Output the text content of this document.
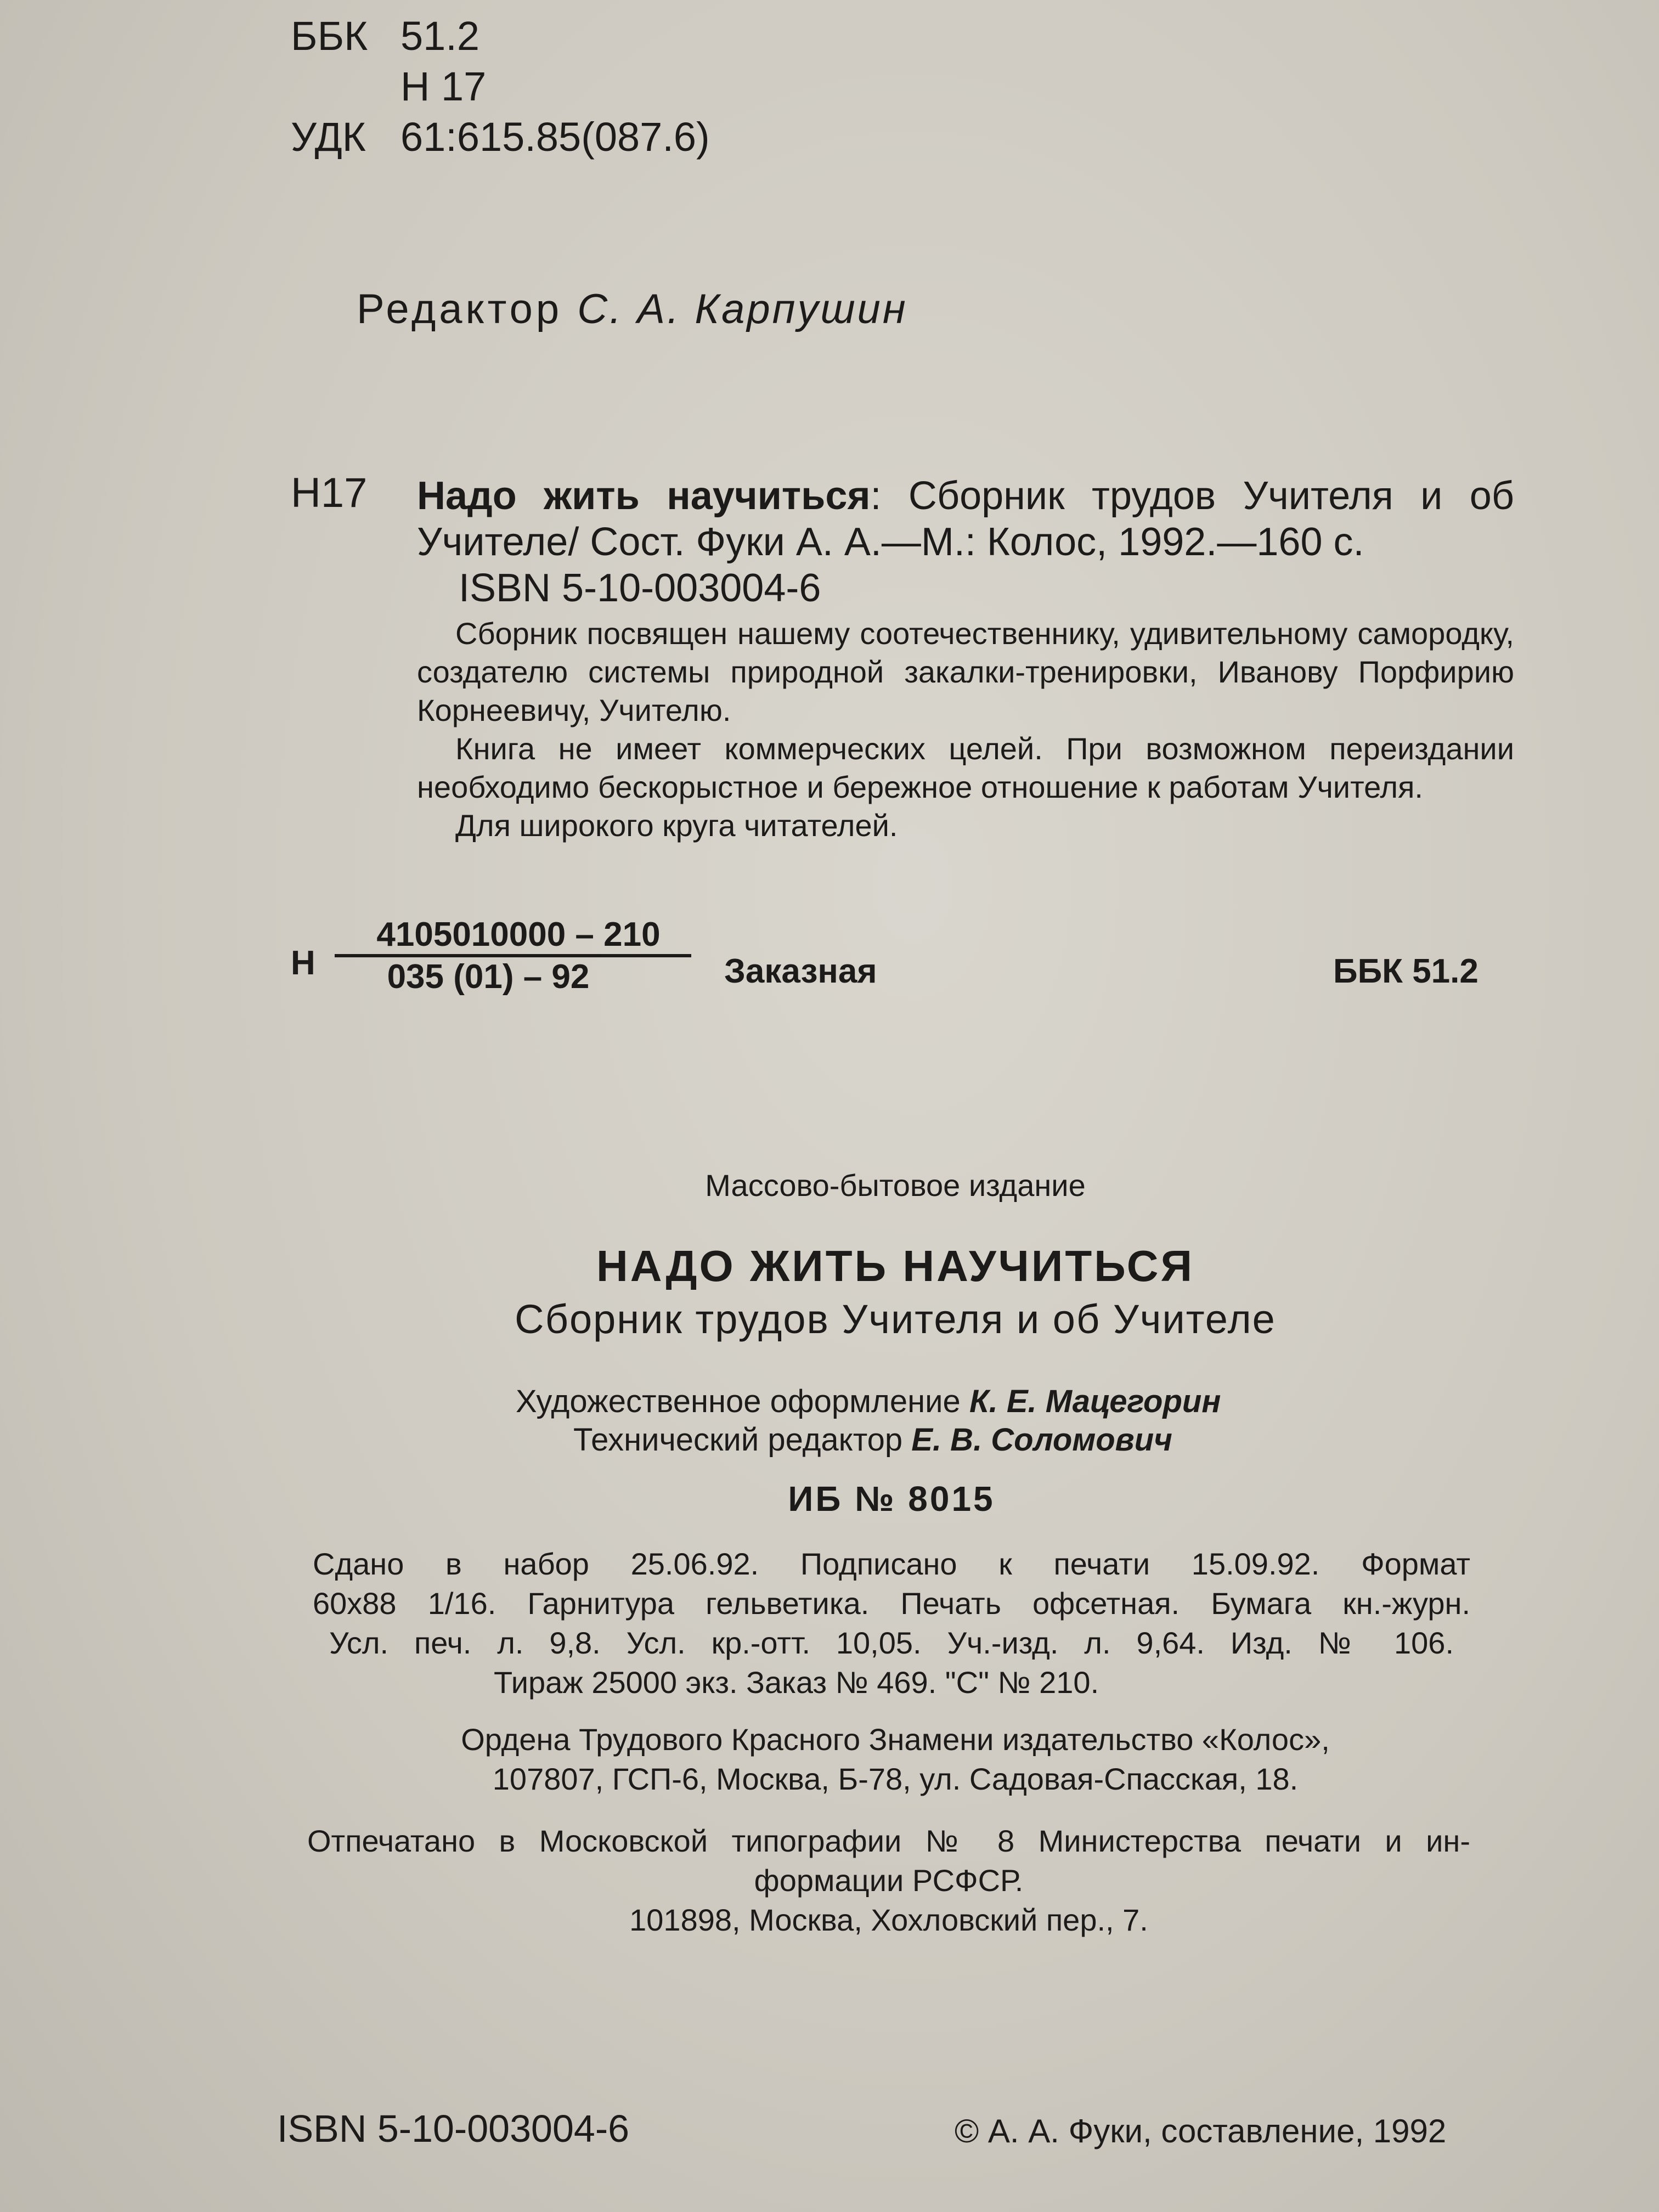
ББК 51.2
Н 17
УДК 61:615.85(087.6)
Редактор С. А. Карпушин
Н17 Надо жить научиться: Сборник трудов Учителя и об Учителе/ Сост. Фуки А. А.—М.: Колос, 1992.—160 с.
ISBN 5-10-003004-6

Сборник посвящен нашему соотечественнику, удивительному самородку, создателю системы природной закалки-тренировки, Иванову Порфирию Корнеевичу, Учителю.

Книга не имеет коммерческих целей. При возможном переиздании необходимо бескорыстное и бережное отношение к работам Учителя.

Для широкого круга читателей.

Н
4105010000 – 210
035 (01) – 92	Заказная	ББК 51.2
Массово-бытовое издание
НАДО ЖИТЬ НАУЧИТЬСЯ
Сборник трудов Учителя и об Учителе
Художественное оформление К. Е. Мацегорин
Технический редактор Е. В. Соломович
ИБ № 8015
Сдано в набор 25.06.92. Подписано к печати 15.09.92. Формат
60х88 1/16. Гарнитура гельветика. Печать офсетная. Бумага кн.-журн.
Усл. печ. л. 9,8. Усл. кр.-отт. 10,05. Уч.-изд. л. 9,64. Изд. № 106.
Тираж 25000 экз. Заказ № 469. "С" № 210.
Ордена Трудового Красного Знамени издательство «Колос»,
107807, ГСП-6, Москва, Б-78, ул. Садовая-Спасская, 18.
Отпечатано в Московской типографии № 8 Министерства печати и ин-
формации РСФСР.
101898, Москва, Хохловский пер., 7.
ISBN 5-10-003004-6	© А. А. Фуки, составление, 1992
